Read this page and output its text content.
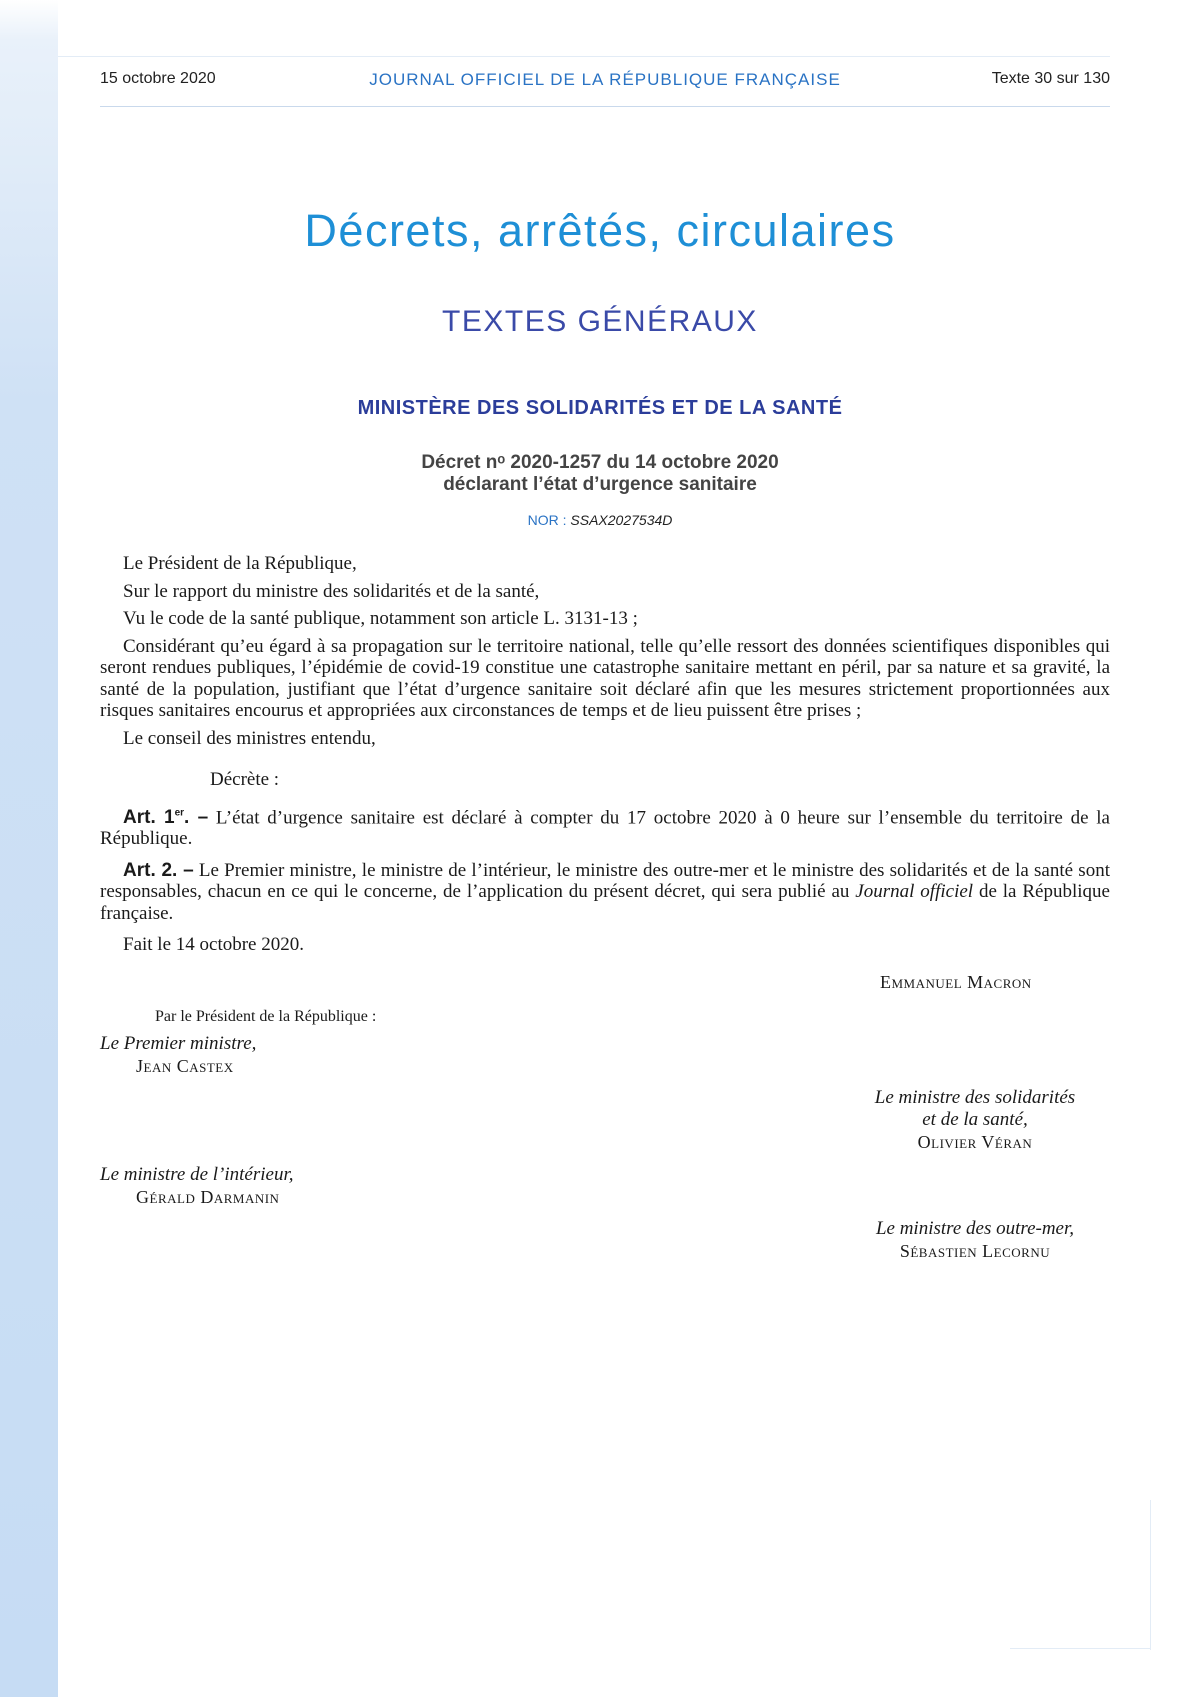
15 octobre 2020	JOURNAL OFFICIEL DE LA RÉPUBLIQUE FRANÇAISE	Texte 30 sur 130
Décrets, arrêtés, circulaires
TEXTES GÉNÉRAUX
MINISTÈRE DES SOLIDARITÉS ET DE LA SANTÉ
Décret nᵒ 2020-1257 du 14 octobre 2020
déclarant l’état d’urgence sanitaire
NOR : SSAX2027534D

Le Président de la République,

Sur le rapport du ministre des solidarités et de la santé,

Vu le code de la santé publique, notamment son article L. 3131-13 ;

Considérant qu’eu égard à sa propagation sur le territoire national, telle qu’elle ressort des données scientifiques disponibles qui seront rendues publiques, l’épidémie de covid-19 constitue une catastrophe sanitaire mettant en péril, par sa nature et sa gravité, la santé de la population, justifiant que l’état d’urgence sanitaire soit déclaré afin que les mesures strictement proportionnées aux risques sanitaires encourus et appropriées aux circonstances de temps et de lieu puissent être prises ;

Le conseil des ministres entendu,

Décrète :

Art. 1er. – L’état d’urgence sanitaire est déclaré à compter du 17 octobre 2020 à 0 heure sur l’ensemble du territoire de la République.

Art. 2. – Le Premier ministre, le ministre de l’intérieur, le ministre des outre-mer et le ministre des solidarités et de la santé sont responsables, chacun en ce qui le concerne, de l’application du présent décret, qui sera publié au Journal officiel de la République française.

Fait le 14 octobre 2020.

Emmanuel Macron
Par le Président de la République :
Le Premier ministre,
Jean Castex
Le ministre des solidarités
et de la santé,
Olivier Véran
Le ministre de l’intérieur,
Gérald Darmanin
Le ministre des outre-mer,
Sébastien Lecornu
